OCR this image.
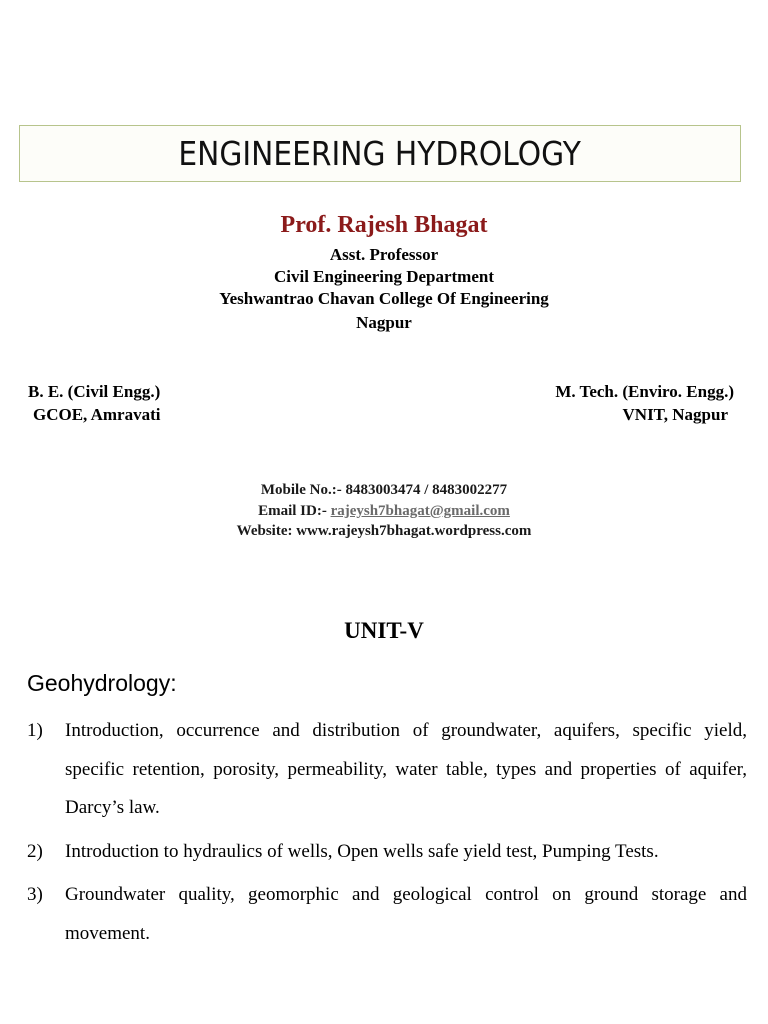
ENGINEERING HYDROLOGY
Prof. Rajesh Bhagat
Asst. Professor
Civil Engineering Department
Yeshwantrao Chavan College Of Engineering
Nagpur
B. E. (Civil Engg.)
GCOE, Amravati
M. Tech. (Enviro. Engg.)
VNIT, Nagpur
Mobile No.:- 8483003474 / 8483002277
Email ID:- rajeysh7bhagat@gmail.com
Website: www.rajeysh7bhagat.wordpress.com
UNIT-V
Geohydrology:
1) Introduction, occurrence and distribution of groundwater, aquifers, specific yield, specific retention, porosity, permeability, water table, types and properties of aquifer, Darcy’s law.
2) Introduction to hydraulics of wells, Open wells safe yield test, Pumping Tests.
3) Groundwater quality, geomorphic and geological control on ground storage and movement.
